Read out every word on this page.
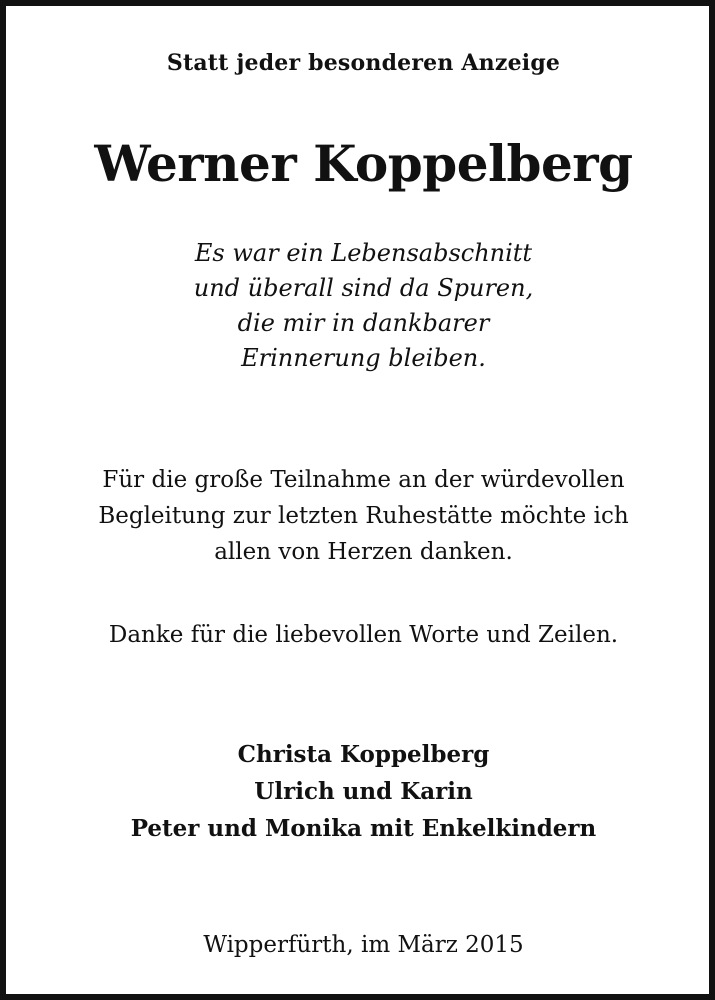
Statt jeder besonderen Anzeige
Werner Koppelberg
Es war ein Lebensabschnitt
und überall sind da Spuren,
die mir in dankbarer
Erinnerung bleiben.
Für die große Teilnahme an der würdevollen
Begleitung zur letzten Ruhestätte möchte ich
allen von Herzen danken.
Danke für die liebevollen Worte und Zeilen.
Christa Koppelberg
Ulrich und Karin
Peter und Monika mit Enkelkindern
Wipperfürth, im März 2015
